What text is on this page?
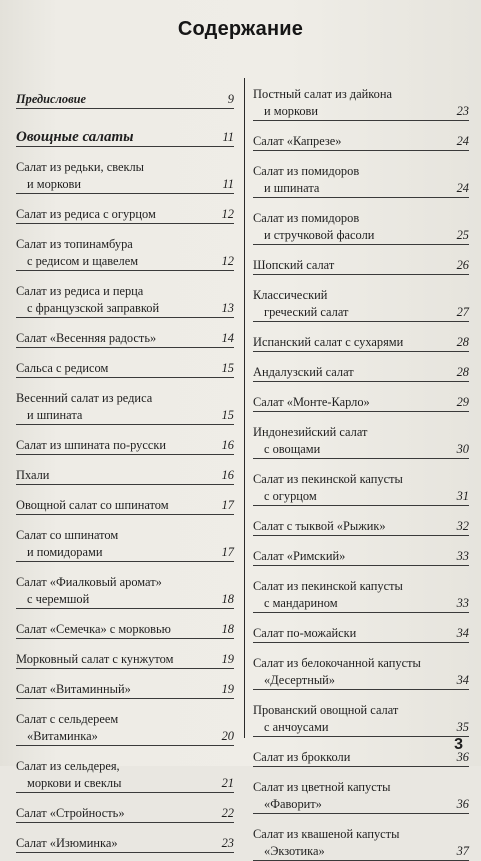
Содержание
Предисловие	9
Овощные салаты	11
Салат из редьки, свеклы
и моркови	11
Салат из редиса с огурцом	12
Салат из топинамбура
с редисом и щавелем	12
Салат из редиса и перца
с французской заправкой	13
Салат «Весенняя радость»	14
Сальса с редисом	15
Весенний салат из редиса
и шпината	15
Салат из шпината по-русски	16
Пхали	16
Овощной салат со шпинатом	17
Салат со шпинатом
и помидорами	17
Салат «Фиалковый аромат»
с черемшой	18
Салат «Семечка» с морковью	18
Морковный салат с кунжутом	19
Салат «Витаминный»	19
Салат с сельдереем
«Витаминка»	20
Салат из сельдерея,
моркови и свеклы	21
Салат «Стройность»	22
Салат «Изюминка»	23
Постный салат из дайкона
и моркови	23
Салат «Капрезе»	24
Салат из помидоров
и шпината	24
Салат из помидоров
и стручковой фасоли	25
Шопский салат	26
Классический
греческий салат	27
Испанский салат с сухарями	28
Андалузский салат	28
Салат «Монте-Карло»	29
Индонезийский салат
с овощами	30
Салат из пекинской капусты
с огурцом	31
Салат с тыквой «Рыжик»	32
Салат «Римский»	33
Салат из пекинской капусты
с мандарином	33
Салат по-можайски	34
Салат из белокочанной капусты
«Десертный»	34
Прованский овощной салат
с анчоусами	35
Салат из брокколи	36
Салат из цветной капусты
«Фаворит»	36
Салат из квашеной капусты
«Экзотика»	37
3
